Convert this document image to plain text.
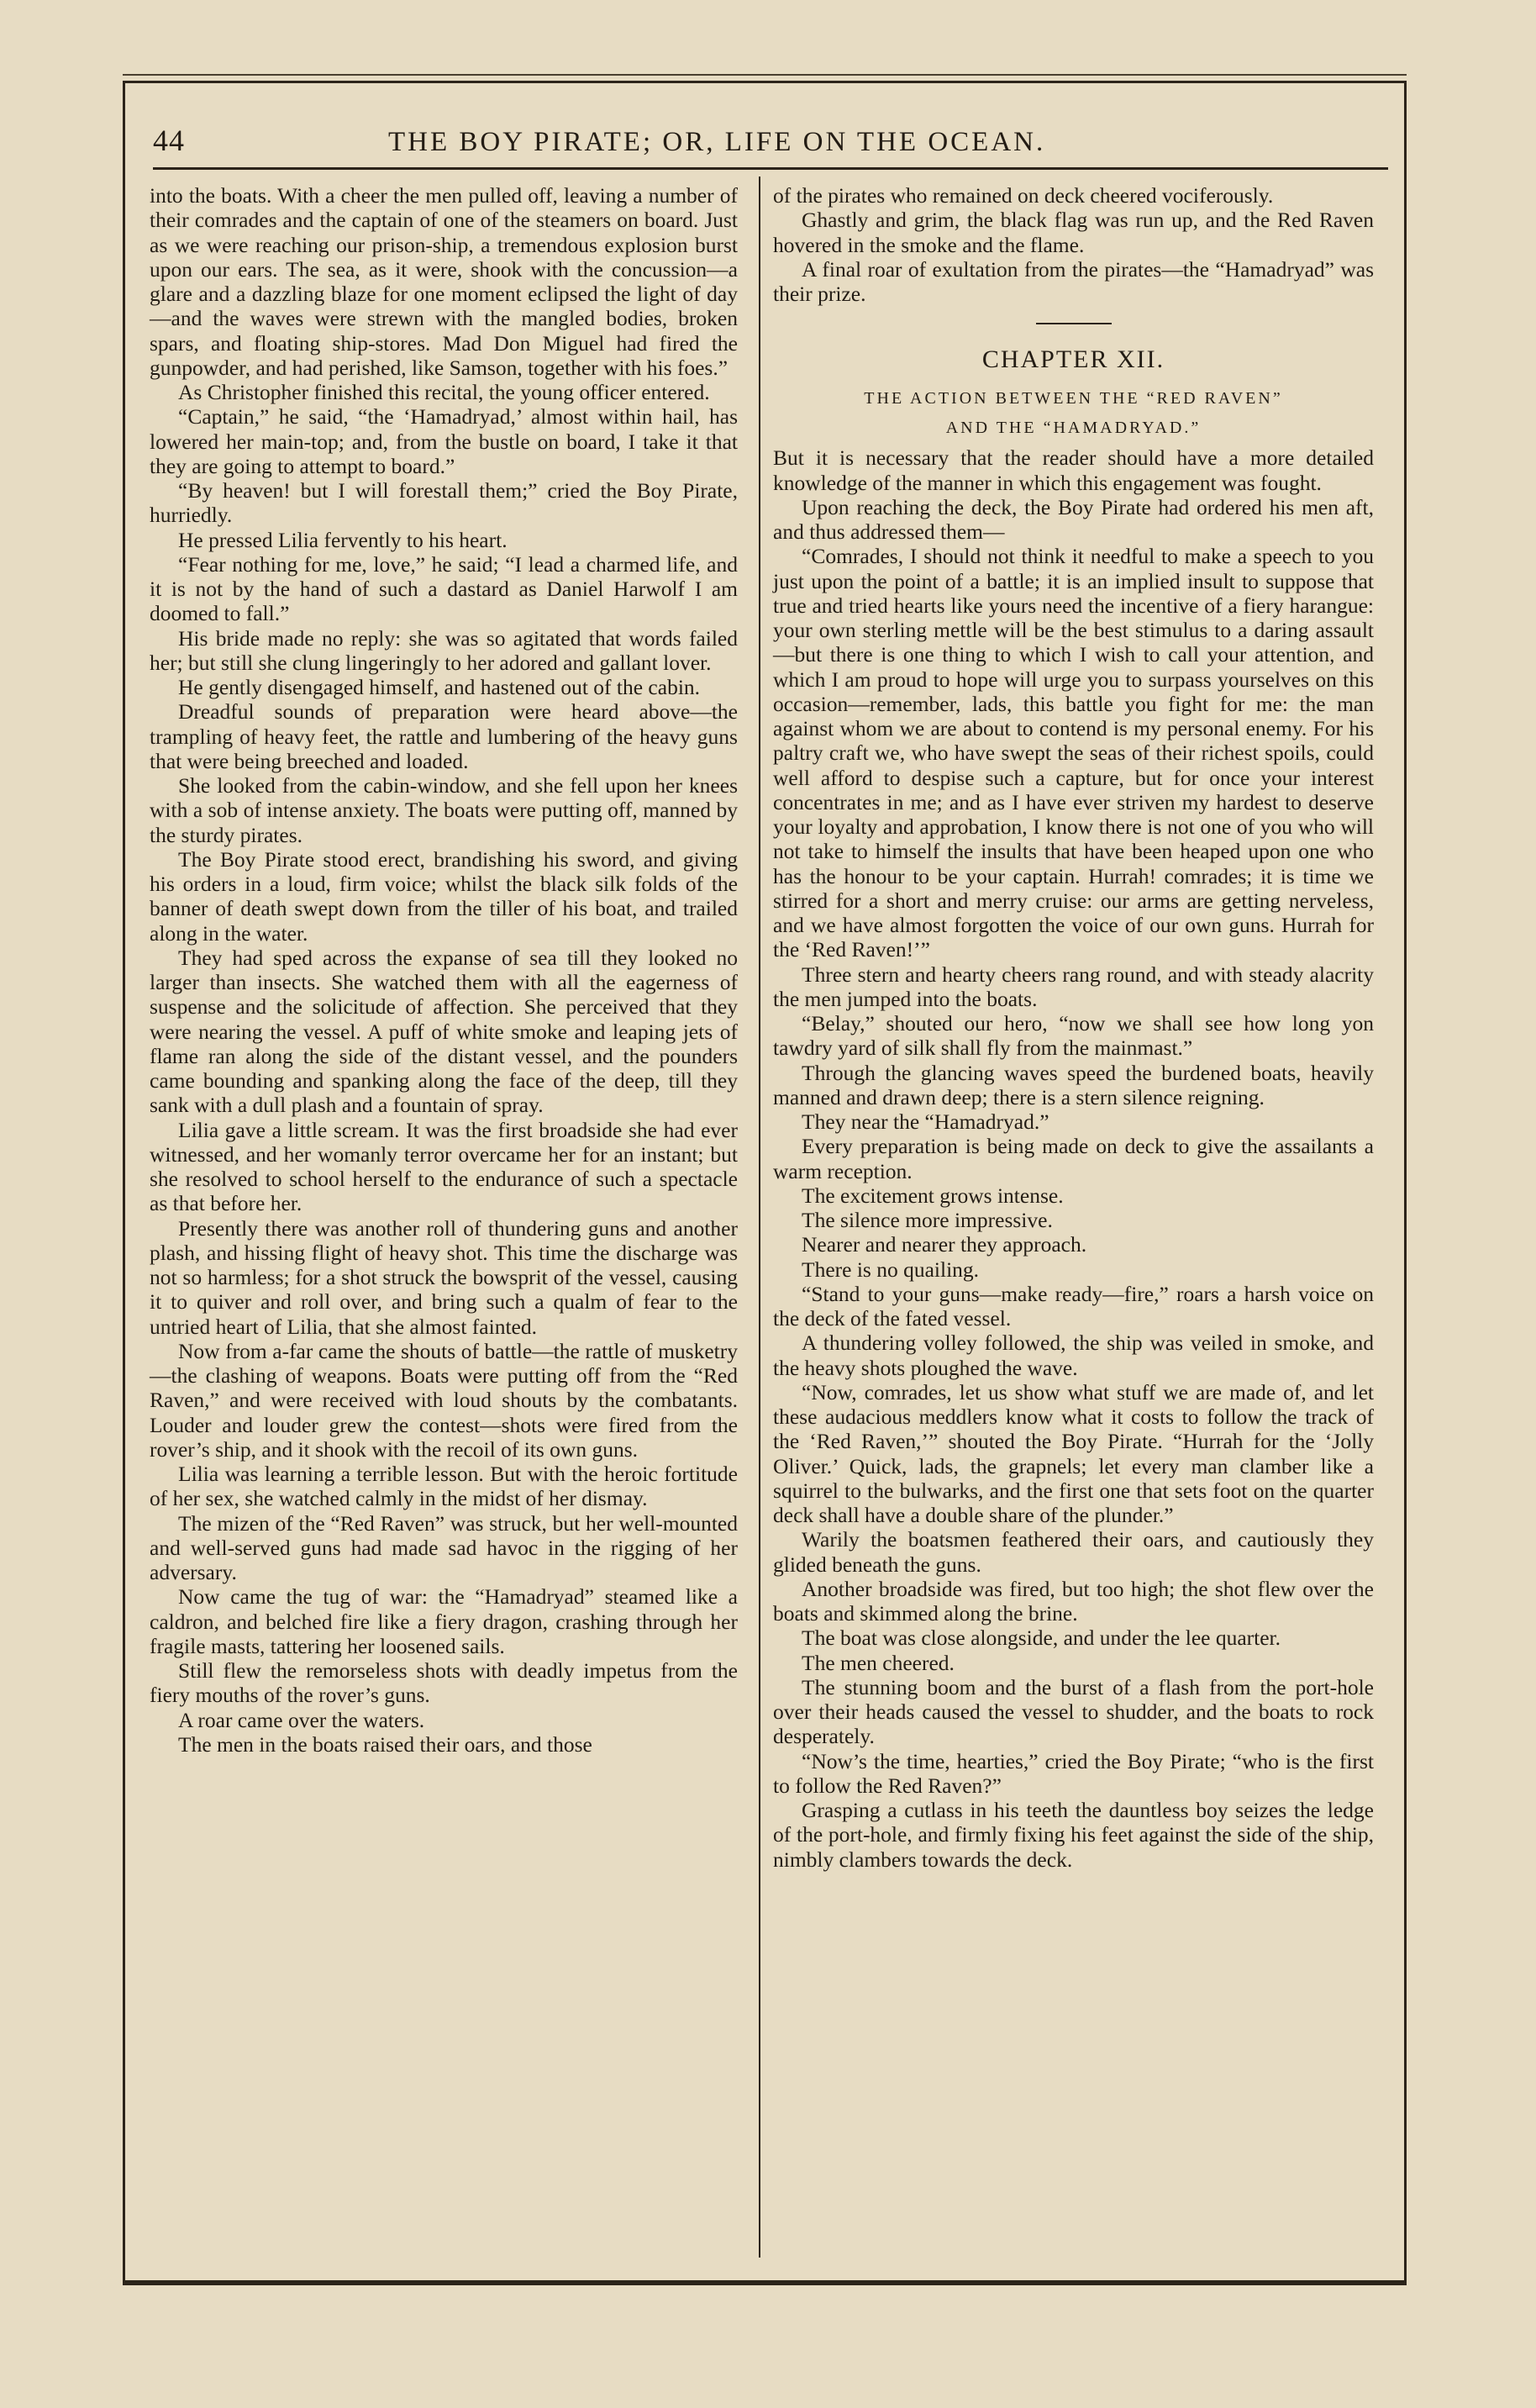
44	THE BOY PIRATE; OR, LIFE ON THE OCEAN.

into the boats. With a cheer the men pulled off, leaving a number of their comrades and the captain of one of the steamers on board. Just as we were reaching our prison-ship, a tremendous explosion burst upon our ears. The sea, as it were, shook with the concussion—a glare and a dazzling blaze for one moment eclipsed the light of day—and the waves were strewn with the mangled bodies, broken spars, and floating ship-stores. Mad Don Miguel had fired the gunpowder, and had perished, like Samson, together with his foes.”

As Christopher finished this recital, the young officer entered.

“Captain,” he said, “the ‘Hamadryad,’ almost within hail, has lowered her main-top; and, from the bustle on board, I take it that they are going to attempt to board.”

“By heaven! but I will forestall them;” cried the Boy Pirate, hurriedly.

He pressed Lilia fervently to his heart.

“Fear nothing for me, love,” he said; “I lead a charmed life, and it is not by the hand of such a dastard as Daniel Harwolf I am doomed to fall.”

His bride made no reply: she was so agitated that words failed her; but still she clung lingeringly to her adored and gallant lover.

He gently disengaged himself, and hastened out of the cabin.

Dreadful sounds of preparation were heard above—the trampling of heavy feet, the rattle and lumbering of the heavy guns that were being breeched and loaded.

She looked from the cabin-window, and she fell upon her knees with a sob of intense anxiety. The boats were putting off, manned by the sturdy pirates.

The Boy Pirate stood erect, brandishing his sword, and giving his orders in a loud, firm voice; whilst the black silk folds of the banner of death swept down from the tiller of his boat, and trailed along in the water.

They had sped across the expanse of sea till they looked no larger than insects. She watched them with all the eagerness of suspense and the solicitude of affection. She perceived that they were nearing the vessel. A puff of white smoke and leaping jets of flame ran along the side of the distant vessel, and the pounders came bounding and spanking along the face of the deep, till they sank with a dull plash and a fountain of spray.

Lilia gave a little scream. It was the first broadside she had ever witnessed, and her womanly terror overcame her for an instant; but she resolved to school herself to the endurance of such a spectacle as that before her.

Presently there was another roll of thundering guns and another plash, and hissing flight of heavy shot. This time the discharge was not so harmless; for a shot struck the bowsprit of the vessel, causing it to quiver and roll over, and bring such a qualm of fear to the untried heart of Lilia, that she almost fainted.

Now from a-far came the shouts of battle—the rattle of musketry—the clashing of weapons. Boats were putting off from the “Red Raven,” and were received with loud shouts by the combatants. Louder and louder grew the contest—shots were fired from the rover’s ship, and it shook with the recoil of its own guns.

Lilia was learning a terrible lesson. But with the heroic fortitude of her sex, she watched calmly in the midst of her dismay.

The mizen of the “Red Raven” was struck, but her well-mounted and well-served guns had made sad havoc in the rigging of her adversary.

Now came the tug of war: the “Hamadryad” steamed like a caldron, and belched fire like a fiery dragon, crashing through her fragile masts, tattering her loosened sails.

Still flew the remorseless shots with deadly impetus from the fiery mouths of the rover’s guns.

A roar came over the waters.

The men in the boats raised their oars, and those

of the pirates who remained on deck cheered vociferously.

Ghastly and grim, the black flag was run up, and the Red Raven hovered in the smoke and the flame.

A final roar of exultation from the pirates—the “Hamadryad” was their prize.

CHAPTER XII.
THE ACTION BETWEEN THE “RED RAVEN”
AND THE “HAMADRYAD.”

But it is necessary that the reader should have a more detailed knowledge of the manner in which this engagement was fought.

Upon reaching the deck, the Boy Pirate had ordered his men aft, and thus addressed them—

“Comrades, I should not think it needful to make a speech to you just upon the point of a battle; it is an implied insult to suppose that true and tried hearts like yours need the incentive of a fiery harangue: your own sterling mettle will be the best stimulus to a daring assault—but there is one thing to which I wish to call your attention, and which I am proud to hope will urge you to surpass yourselves on this occasion—remember, lads, this battle you fight for me: the man against whom we are about to contend is my personal enemy. For his paltry craft we, who have swept the seas of their richest spoils, could well afford to despise such a capture, but for once your interest concentrates in me; and as I have ever striven my hardest to deserve your loyalty and approbation, I know there is not one of you who will not take to himself the insults that have been heaped upon one who has the honour to be your captain. Hurrah! comrades; it is time we stirred for a short and merry cruise: our arms are getting nerveless, and we have almost forgotten the voice of our own guns. Hurrah for the ‘Red Raven!’”

Three stern and hearty cheers rang round, and with steady alacrity the men jumped into the boats.

“Belay,” shouted our hero, “now we shall see how long yon tawdry yard of silk shall fly from the mainmast.”

Through the glancing waves speed the burdened boats, heavily manned and drawn deep; there is a stern silence reigning.

They near the “Hamadryad.”

Every preparation is being made on deck to give the assailants a warm reception.

The excitement grows intense.

The silence more impressive.

Nearer and nearer they approach.

There is no quailing.

“Stand to your guns—make ready—fire,” roars a harsh voice on the deck of the fated vessel.

A thundering volley followed, the ship was veiled in smoke, and the heavy shots ploughed the wave.

“Now, comrades, let us show what stuff we are made of, and let these audacious meddlers know what it costs to follow the track of the ‘Red Raven,’” shouted the Boy Pirate. “Hurrah for the ‘Jolly Oliver.’ Quick, lads, the grapnels; let every man clamber like a squirrel to the bulwarks, and the first one that sets foot on the quarter deck shall have a double share of the plunder.”

Warily the boatsmen feathered their oars, and cautiously they glided beneath the guns.

Another broadside was fired, but too high; the shot flew over the boats and skimmed along the brine.

The boat was close alongside, and under the lee quarter.

The men cheered.

The stunning boom and the burst of a flash from the port-hole over their heads caused the vessel to shudder, and the boats to rock desperately.

“Now’s the time, hearties,” cried the Boy Pirate; “who is the first to follow the Red Raven?”

Grasping a cutlass in his teeth the dauntless boy seizes the ledge of the port-hole, and firmly fixing his feet against the side of the ship, nimbly clambers towards the deck.
